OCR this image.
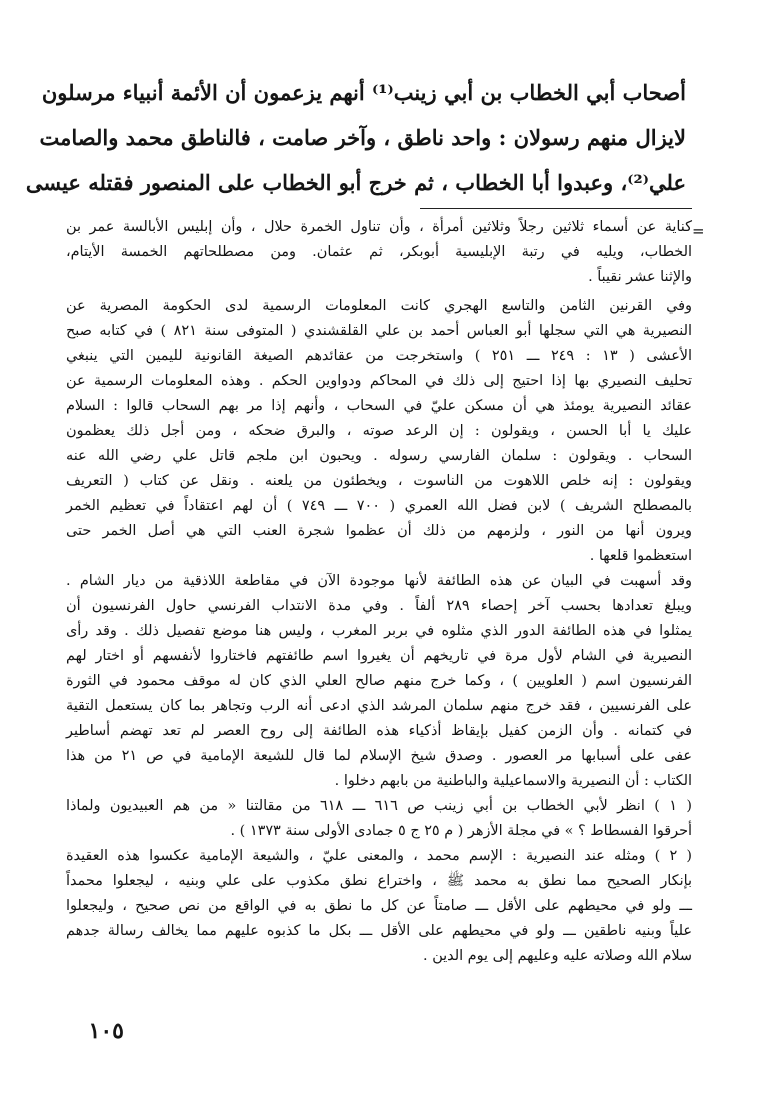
أصحاب أبي الخطاب بن أبي زينب⁽¹⁾ أنهم يزعمون أن الأئمة أنبياء مرسلون
لايزال منهم رسولان : واحد ناطق ، وآخر صامت ، فالناطق محمد والصامت
علي⁽²⁾، وعبدوا أبا الخطاب ، ثم خرج أبو الخطاب على المنصور فقتله عيسى
=
كناية عن أسماء ثلاثين رجلاً وثلاثين أمرأة ، وأن تناول الخمرة حلال ، وأن إبليس الأبالسة عمر بن
الخطاب، ويليه في رتبة الإبليسية أبوبكر، ثم عثمان. ومن مصطلحاتهم الخمسة الأيتام،
والإثنا عشر نقيباً .
وفي القرنين الثامن والتاسع الهجري كانت المعلومات الرسمية لدى الحكومة المصرية عن
النصيرية هي التي سجلها أبو العباس أحمد بن علي القلقشندي ( المتوفى سنة ٨٢١ ) في كتابه صبح
الأعشى ( ١٣ : ٢٤٩ ـــ ٢٥١ ) واستخرجت من عقائدهم الصيغة القانونية لليمين التي ينبغي
تحليف النصيري بها إذا احتيج إلى ذلك في المحاكم ودواوين الحكم . وهذه المعلومات الرسمية عن
عقائد النصيرية يومئذ هي أن مسكن عليّ في السحاب ، وأنهم إذا مر بهم السحاب قالوا : السلام
عليك يا أبا الحسن ، ويقولون : إن الرعد صوته ، والبرق ضحكه ، ومن أجل ذلك يعظمون
السحاب . ويقولون : سلمان الفارسي رسوله . ويحبون ابن ملجم قاتل علي رضي الله عنه
ويقولون : إنه خلص اللاهوت من الناسوت ، ويخطئون من يلعنه . ونقل عن كتاب ( التعريف
بالمصطلح الشريف ) لابن فضل الله العمري ( ٧٠٠ ـــ ٧٤٩ ) أن لهم اعتقاداً في تعظيم الخمر
ويرون أنها من النور ، ولزمهم من ذلك أن عظموا شجرة العنب التي هي أصل الخمر حتى
استعظموا قلعها .
وقد أسهبت في البيان عن هذه الطائفة لأنها موجودة الآن في مقاطعة اللاذقية من ديار الشام .
ويبلغ تعدادها بحسب آخر إحصاء ٢٨٩ ألفاً . وفي مدة الانتداب الفرنسي حاول الفرنسيون أن
يمثلوا في هذه الطائفة الدور الذي مثلوه في بربر المغرب ، وليس هنا موضع تفصيل ذلك . وقد رأى
النصيرية في الشام لأول مرة في تاريخهم أن يغيروا اسم طائفتهم فاختاروا لأنفسهم أو اختار لهم
الفرنسيون اسم ( العلويين ) ، وكما خرج منهم صالح العلي الذي كان له موقف محمود في الثورة
على الفرنسيين ، فقد خرج منهم سلمان المرشد الذي ادعى أنه الرب وتجاهر بما كان يستعمل التقية
في كتمانه . وأن الزمن كفيل بإيقاظ أذكياء هذه الطائفة إلى روح العصر لم تعد تهضم أساطير
عفى على أسبابها مر العصور . وصدق شيخ الإسلام لما قال للشيعة الإمامية في ص ٢١ من هذا
الكتاب : أن النصيرية والاسماعيلية والباطنية من بابهم دخلوا .
( ١ ) انظر لأبي الخطاب بن أبي زينب ص ٦١٦ ـــ ٦١٨ من مقالتنا « من هم العبيديون ولماذا
أحرقوا الفسطاط ؟ » في مجلة الأزهر ( م ٢٥ ج ٥ جمادى الأولى سنة ١٣٧٣ ) .
( ٢ ) ومثله عند النصيرية : الإسم محمد ، والمعنى عليّ ، والشيعة الإمامية عكسوا هذه العقيدة
بإنكار الصحيح مما نطق به محمد ﷺ ، واختراع نطق مكذوب على علي وبنيه ، ليجعلوا محمداً
ـــ ولو في محيطهم على الأقل ـــ صامتاً عن كل ما نطق به في الواقع من نص صحيح ، وليجعلوا
علياً وبنيه ناطقين ـــ ولو في محيطهم على الأقل ـــ بكل ما كذبوه عليهم مما يخالف رسالة جدهم
سلام الله وصلاته عليه وعليهم إلى يوم الدين .
١٠٥
